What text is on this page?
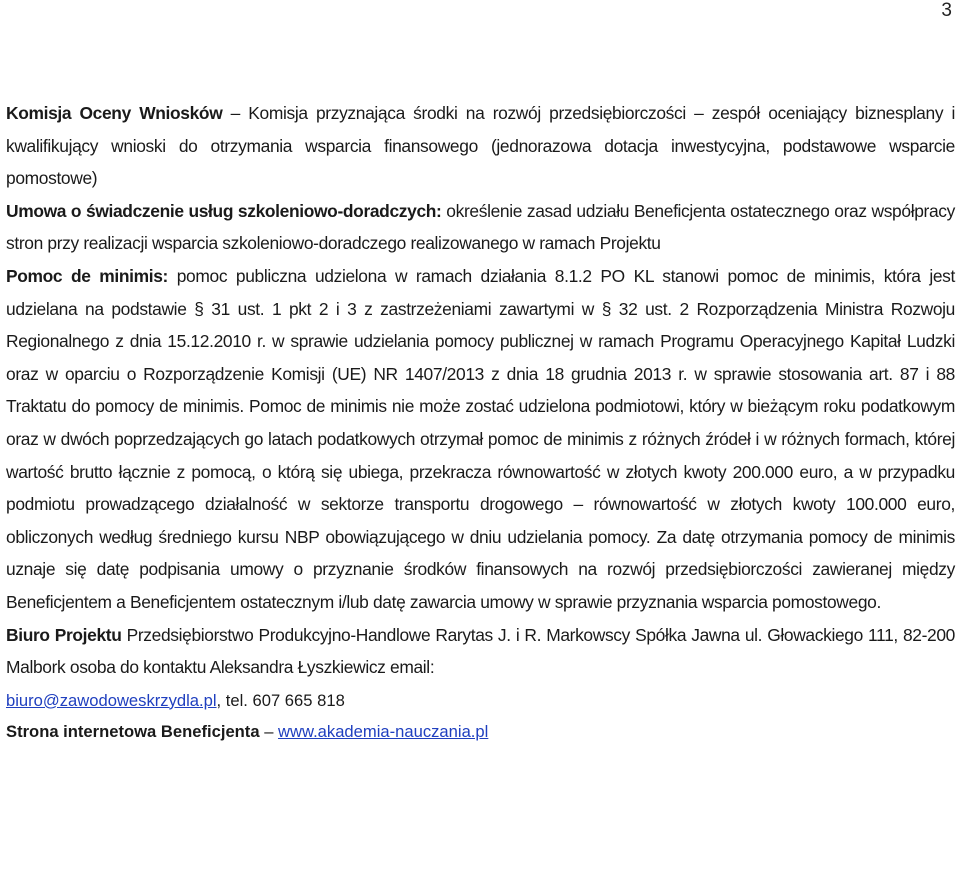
3

Komisja Oceny Wniosków – Komisja przyznająca środki na rozwój przedsiębiorczości – zespół oceniający biznesplany i kwalifikujący wnioski do otrzymania wsparcia finansowego (jednorazowa dotacja inwestycyjna, podstawowe wsparcie pomostowe)

Umowa o świadczenie usług szkoleniowo-doradczych: określenie zasad udziału Beneficjenta ostatecznego oraz współpracy stron przy realizacji wsparcia szkoleniowo-doradczego realizowanego w ramach Projektu

Pomoc de minimis: pomoc publiczna udzielona w ramach działania 8.1.2 PO KL stanowi pomoc de minimis, która jest udzielana na podstawie § 31 ust. 1 pkt 2 i 3 z zastrzeżeniami zawartymi w § 32 ust. 2 Rozporządzenia Ministra Rozwoju Regionalnego z dnia 15.12.2010 r. w sprawie udzielania pomocy publicznej w ramach Programu Operacyjnego Kapitał Ludzki oraz w oparciu o Rozporządzenie Komisji (UE) NR 1407/2013 z dnia 18 grudnia 2013 r. w sprawie stosowania art. 87 i 88 Traktatu do pomocy de minimis. Pomoc de minimis nie może zostać udzielona podmiotowi, który w bieżącym roku podatkowym oraz w dwóch poprzedzających go latach podatkowych otrzymał pomoc de minimis z różnych źródeł i w różnych formach, której wartość brutto łącznie z pomocą, o którą się ubiega, przekracza równowartość w złotych kwoty 200.000 euro, a w przypadku podmiotu prowadzącego działalność w sektorze transportu drogowego – równowartość w złotych kwoty 100.000 euro, obliczonych według średniego kursu NBP obowiązującego w dniu udzielania pomocy. Za datę otrzymania pomocy de minimis uznaje się datę podpisania umowy o przyznanie środków finansowych na rozwój przedsiębiorczości zawieranej między Beneficjentem a Beneficjentem ostatecznym i/lub datę zawarcia umowy w sprawie przyznania wsparcia pomostowego.

Biuro Projektu Przedsiębiorstwo Produkcyjno-Handlowe Rarytas J. i R. Markowscy Spółka Jawna ul. Głowackiego 111, 82-200 Malbork osoba do kontaktu Aleksandra Łyszkiewicz email:
biuro@zawodoweskrzydla.pl, tel. 607 665 818

Strona internetowa Beneficjenta – www.akademia-nauczania.pl
